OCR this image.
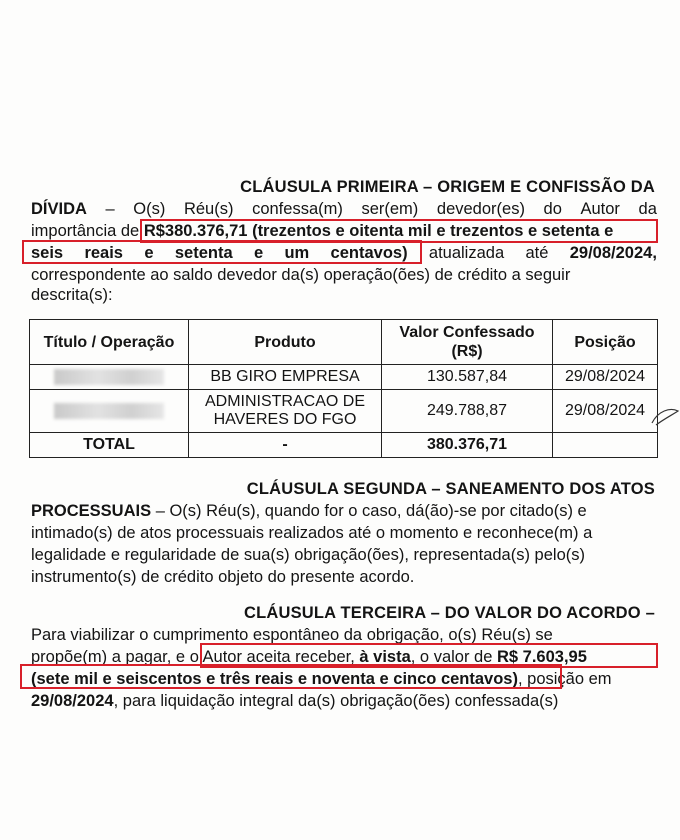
CLÁUSULA PRIMEIRA – ORIGEM E CONFISSÃO DA
DÍVIDA – O(s) Réu(s) confessa(m) ser(em) devedor(es) do Autor da
importância de R$380.376,71 (trezentos e oitenta mil e trezentos e setenta e
seis reais e setenta e um centavos) atualizada até 29/08/2024,
correspondente ao saldo devedor da(s) operação(ões) de crédito a seguir
descrita(s):
Título / Operação	Produto	Valor Confessado (R$)	Posição
	BB GIRO EMPRESA	130.587,84	29/08/2024
	ADMINISTRACAO DE HAVERES DO FGO	249.788,87	29/08/2024
TOTAL	-	380.376,71	
CLÁUSULA SEGUNDA – SANEAMENTO DOS ATOS
PROCESSUAIS – O(s) Réu(s), quando for o caso, dá(ão)-se por citado(s) e
intimado(s) de atos processuais realizados até o momento e reconhece(m) a
legalidade e regularidade de sua(s) obrigação(ões), representada(s) pelo(s)
instrumento(s) de crédito objeto do presente acordo.
CLÁUSULA TERCEIRA – DO VALOR DO ACORDO –
Para viabilizar o cumprimento espontâneo da obrigação, o(s) Réu(s) se
propõe(m) a pagar, e o Autor aceita receber, à vista, o valor de R$ 7.603,95
(sete mil e seiscentos e três reais e noventa e cinco centavos), posição em
29/08/2024, para liquidação integral da(s) obrigação(ões) confessada(s)
